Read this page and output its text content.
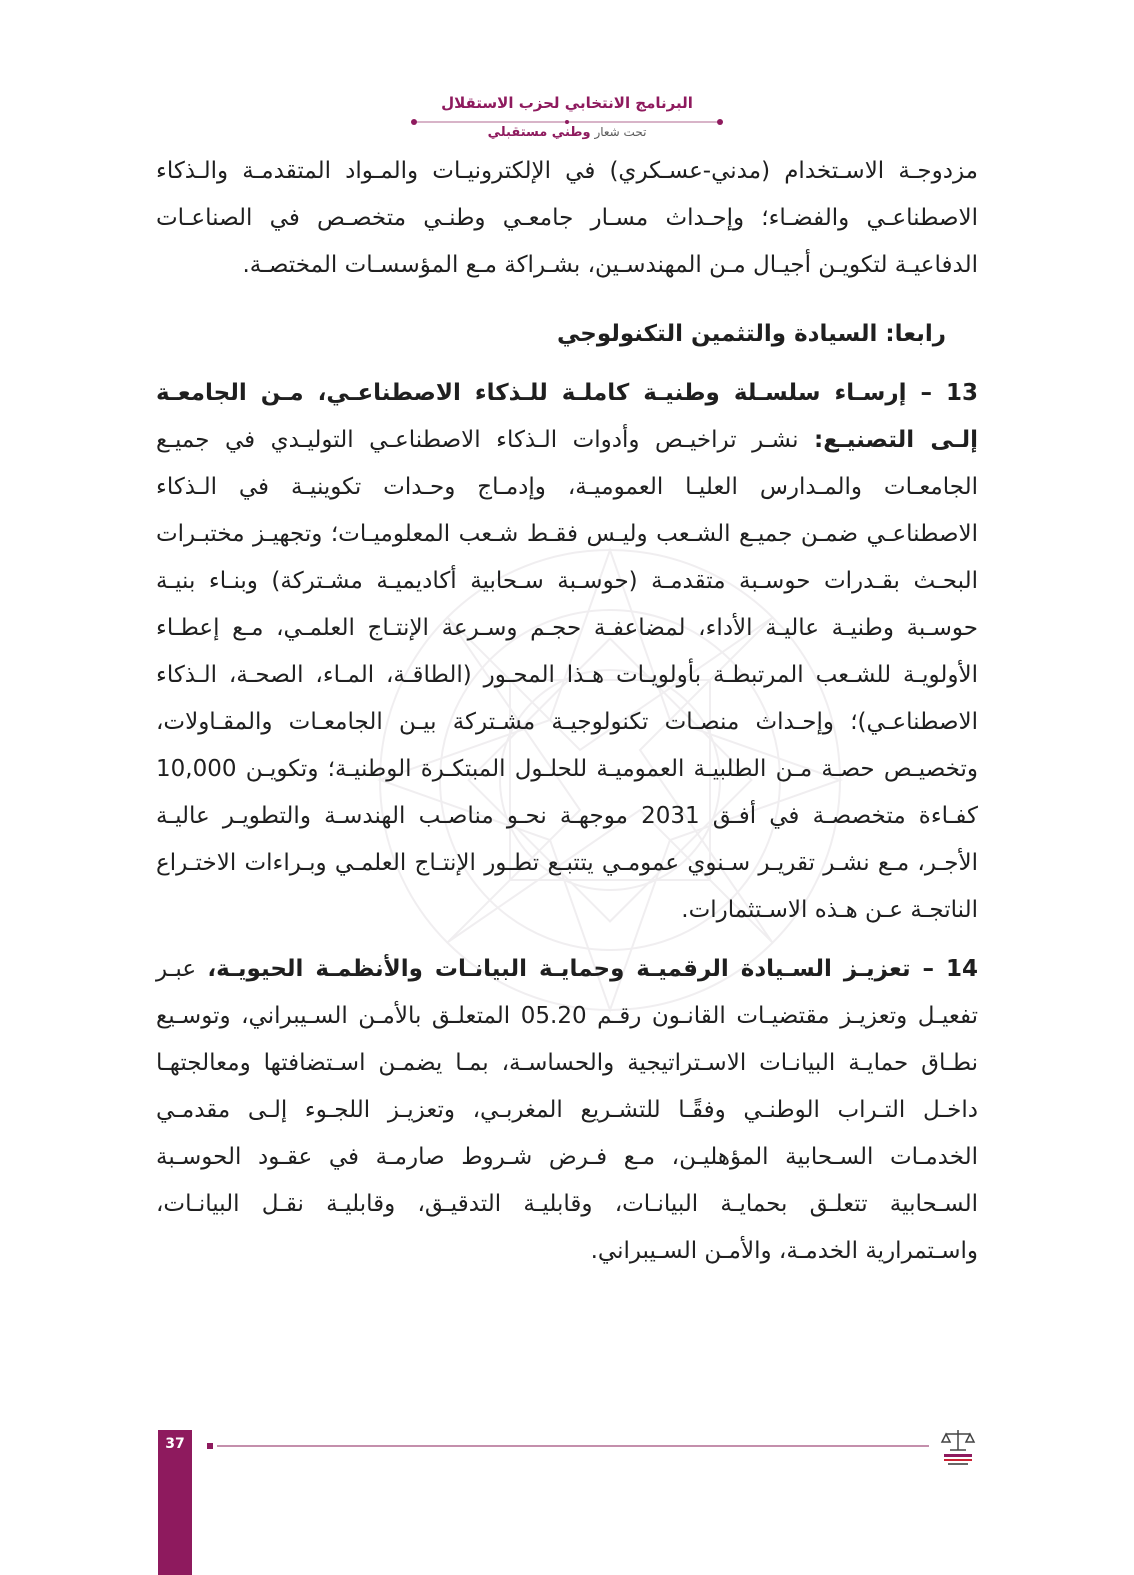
البرنامج الانتخابي لحزب الاستقلال
تحت شعار وطني مستقبلي

مزدوجـة الاسـتخدام (مدني-عسـكري) في الإلكترونيـات والمـواد المتقدمـة والـذكاء الاصطناعـي والفضـاء؛ وإحـداث مسـار جامعـي وطنـي متخصـص في الصناعـات الدفاعيـة لتكويـن أجيـال مـن المهندسـين، بشـراكة مـع المؤسسـات المختصـة.

رابعا: السيادة والتثمين التكنولوجي

13 – إرسـاء سلسـلة وطنيـة كاملـة للـذكاء الاصطناعـي، مـن الجامعـة إلـى التصنيـع: نشـر تراخيـص وأدوات الـذكاء الاصطناعـي التوليـدي في جميـع الجامعـات والمـدارس العليـا العموميـة، وإدمـاج وحـدات تكوينيـة في الـذكاء الاصطناعـي ضمـن جميـع الشـعب وليـس فقـط شـعب المعلوميـات؛ وتجهيـز مختبـرات البحـث بقـدرات حوسـبة متقدمـة (حوسـبة سـحابية أكاديميـة مشـتركة) وبنـاء بنيـة حوسـبة وطنيـة عاليـة الأداء، لمضاعفـة حجـم وسـرعة الإنتـاج العلمـي، مـع إعطـاء الأولويـة للشـعب المرتبطـة بأولويـات هـذا المحـور (الطاقـة، المـاء، الصحـة، الـذكاء الاصطناعـي)؛ وإحـداث منصـات تكنولوجيـة مشـتركة بيـن الجامعـات والمقـاولات، وتخصيـص حصـة مـن الطلبيـة العموميـة للحلـول المبتكـرة الوطنيـة؛ وتكويـن 10,000 كفـاءة متخصصـة في أفـق 2031 موجهـة نحـو مناصـب الهندسـة والتطويـر عاليـة الأجـر، مـع نشـر تقريـر سـنوي عمومـي يتتبـع تطـور الإنتـاج العلمـي وبـراءات الاختـراع الناتجـة عـن هـذه الاسـتثمارات.

14 – تعزيـز السـيادة الرقميـة وحمايـة البيانـات والأنظمـة الحيويـة، عبـر تفعيـل وتعزيـز مقتضيـات القانـون رقـم 05.20 المتعلـق بالأمـن السـيبراني، وتوسـيع نطـاق حمايـة البيانـات الاسـتراتيجية والحساسـة، بمـا يضمـن اسـتضافتها ومعالجتهـا داخـل التـراب الوطنـي وفقًـا للتشـريع المغربـي، وتعزيـز اللجـوء إلـى مقدمـي الخدمـات السـحابية المؤهليـن، مـع فـرض شـروط صارمـة في عقـود الحوسـبة السـحابية تتعلـق بحمايـة البيانـات، وقابليـة التدقيـق، وقابليـة نقـل البيانـات، واسـتمرارية الخدمـة، والأمـن السـيبراني.

37
